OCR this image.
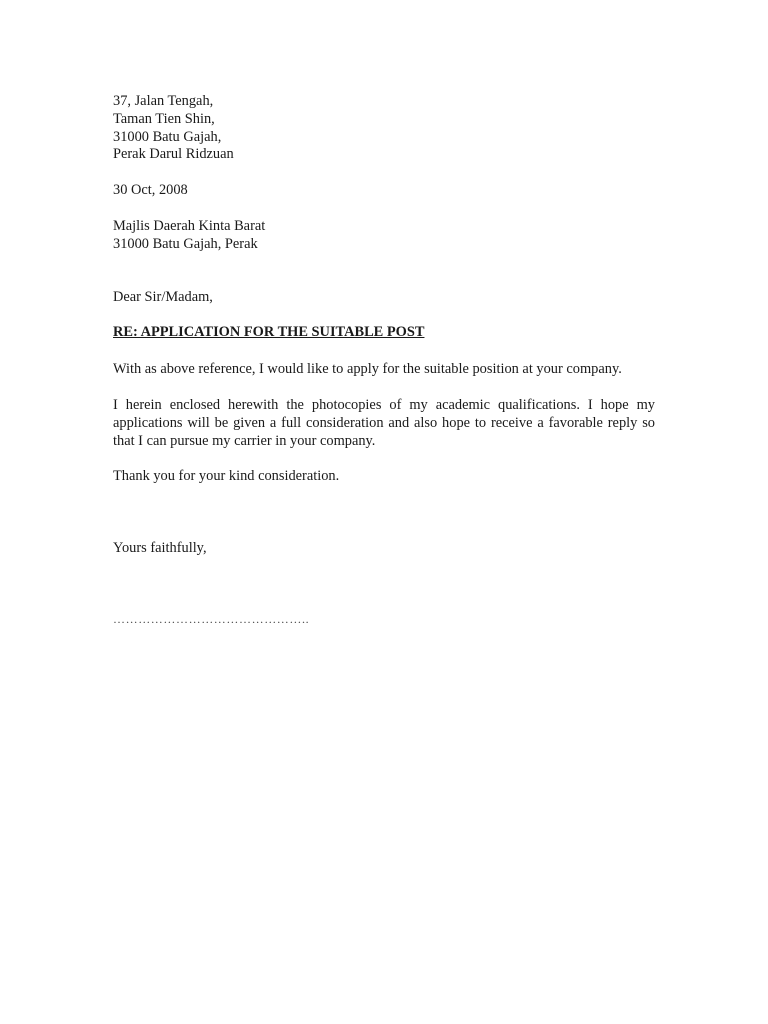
37, Jalan Tengah,
Taman Tien Shin,
31000 Batu Gajah,
Perak Darul Ridzuan
30 Oct, 2008
Majlis Daerah Kinta Barat
31000 Batu Gajah, Perak
Dear Sir/Madam,
RE: APPLICATION FOR THE SUITABLE POST

With as above reference, I would like to apply for the suitable position at your company.

I herein enclosed herewith the photocopies of my academic qualifications. I hope my applications will be given a full consideration and also hope to receive a favorable reply so that I can pursue my carrier in your company.

Thank you for your kind consideration.

Yours faithfully,
………………………………………..
